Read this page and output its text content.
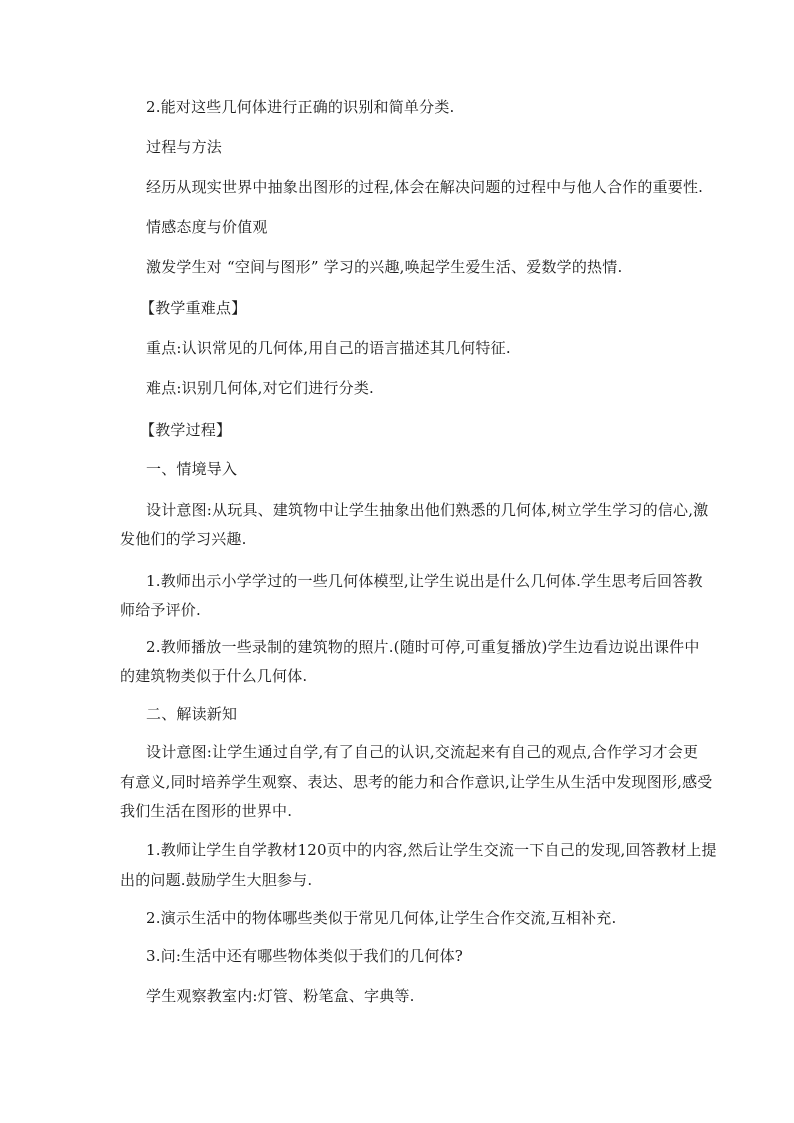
2.能对这些几何体进行正确的识别和简单分类.
过程与方法
经历从现实世界中抽象出图形的过程,体会在解决问题的过程中与他人合作的重要性.
情感态度与价值观
激发学生对 “空间与图形” 学习的兴趣,唤起学生爱生活、爱数学的热情.
【教学重难点】
重点:认识常见的几何体,用自己的语言描述其几何特征.
难点:识别几何体,对它们进行分类.
【教学过程】
一、情境导入
设计意图:从玩具、建筑物中让学生抽象出他们熟悉的几何体,树立学生学习的信心,激
发他们的学习兴趣.
1.教师出示小学学过的一些几何体模型,让学生说出是什么几何体.学生思考后回答教
师给予评价.
2.教师播放一些录制的建筑物的照片.(随时可停,可重复播放)学生边看边说出课件中
的建筑物类似于什么几何体.
二、解读新知
设计意图:让学生通过自学,有了自己的认识,交流起来有自己的观点,合作学习才会更
有意义,同时培养学生观察、表达、思考的能力和合作意识,让学生从生活中发现图形,感受
我们生活在图形的世界中.
1.教师让学生自学教材120页中的内容,然后让学生交流一下自己的发现,回答教材上提
出的问题.鼓励学生大胆参与.
2.演示生活中的物体哪些类似于常见几何体,让学生合作交流,互相补充.
3.问:生活中还有哪些物体类似于我们的几何体?
学生观察教室内:灯管、粉笔盒、字典等.
